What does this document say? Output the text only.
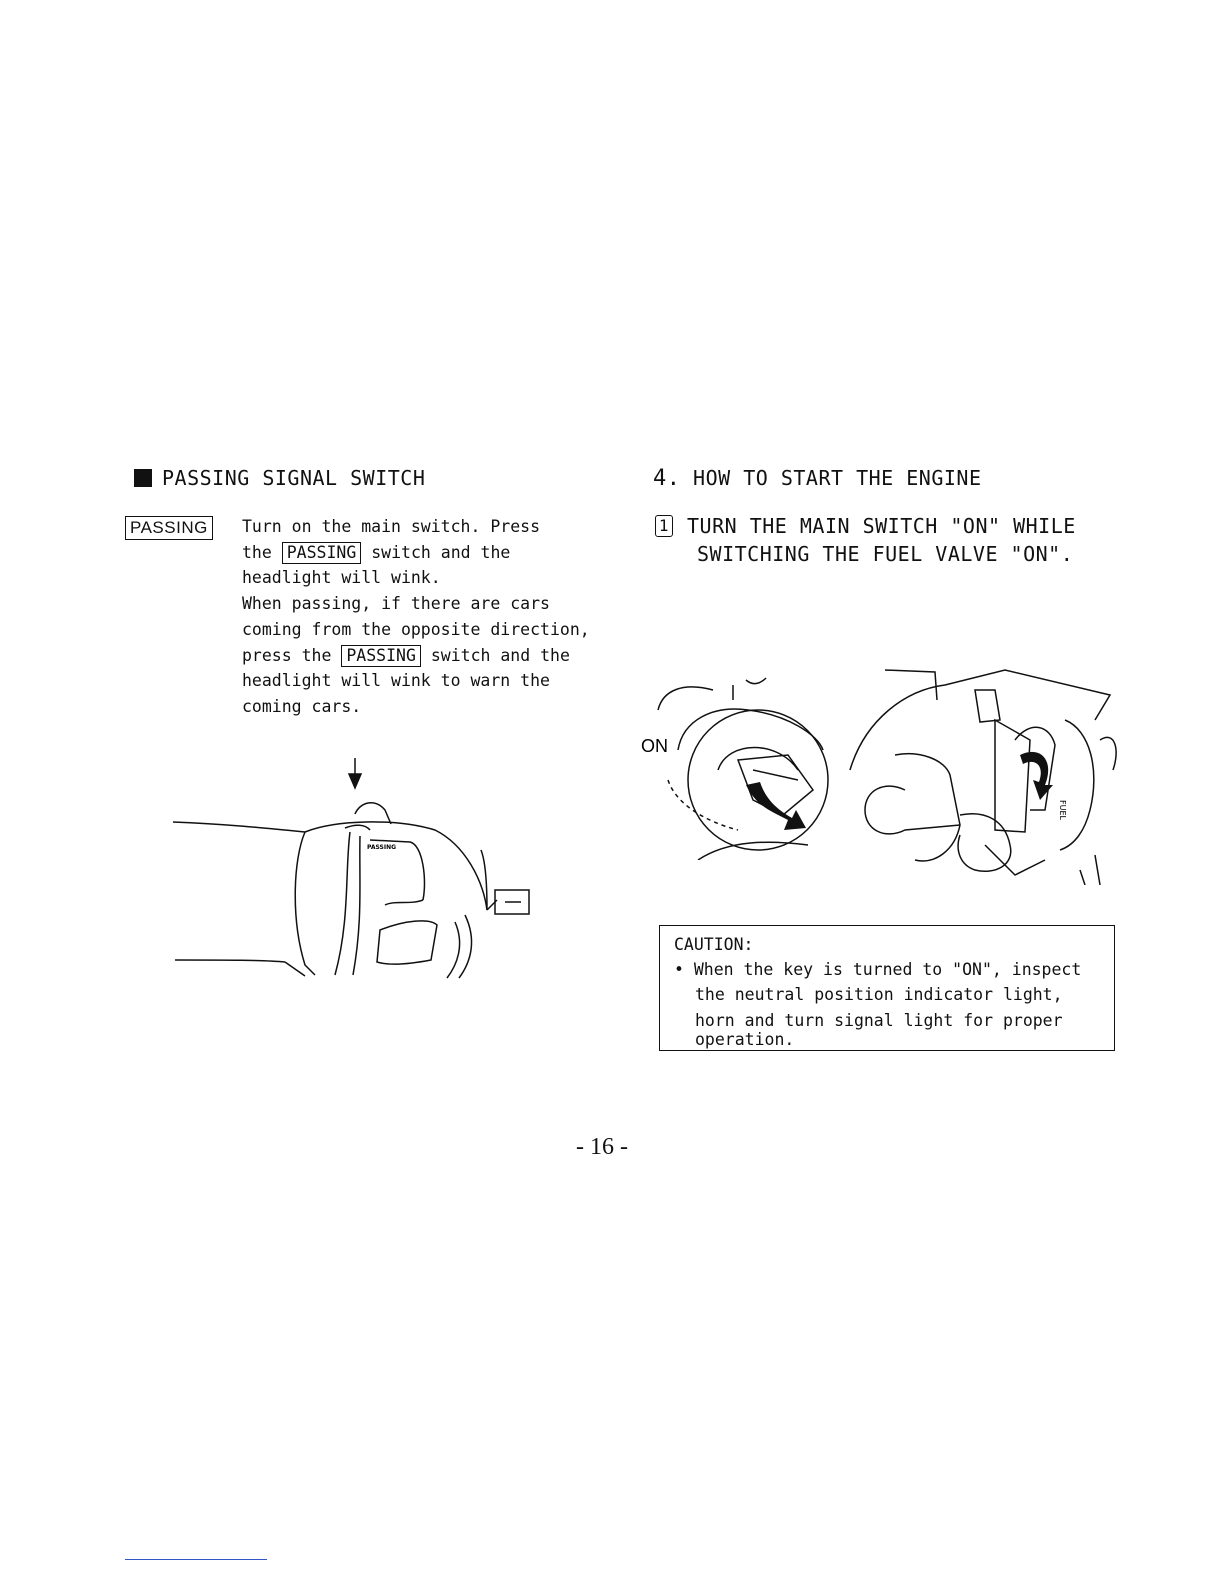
PASSING SIGNAL SWITCH
PASSING	Turn on the main switch. Press
the PASSING switch and the
headlight will wink.
When passing, if there are cars
coming from the opposite direction,
press the PASSING switch and the
headlight will wink to warn the
coming cars.
PASSING
4. HOW TO START THE ENGINE
1 TURN THE MAIN SWITCH "ON" WHILE
SWITCHING THE FUEL VALVE "ON".
ON
FUEL
CAUTION:
• When the key is turned to "ON", inspect
the neutral position indicator light,
horn and turn signal light for proper
operation.
- 16 -
